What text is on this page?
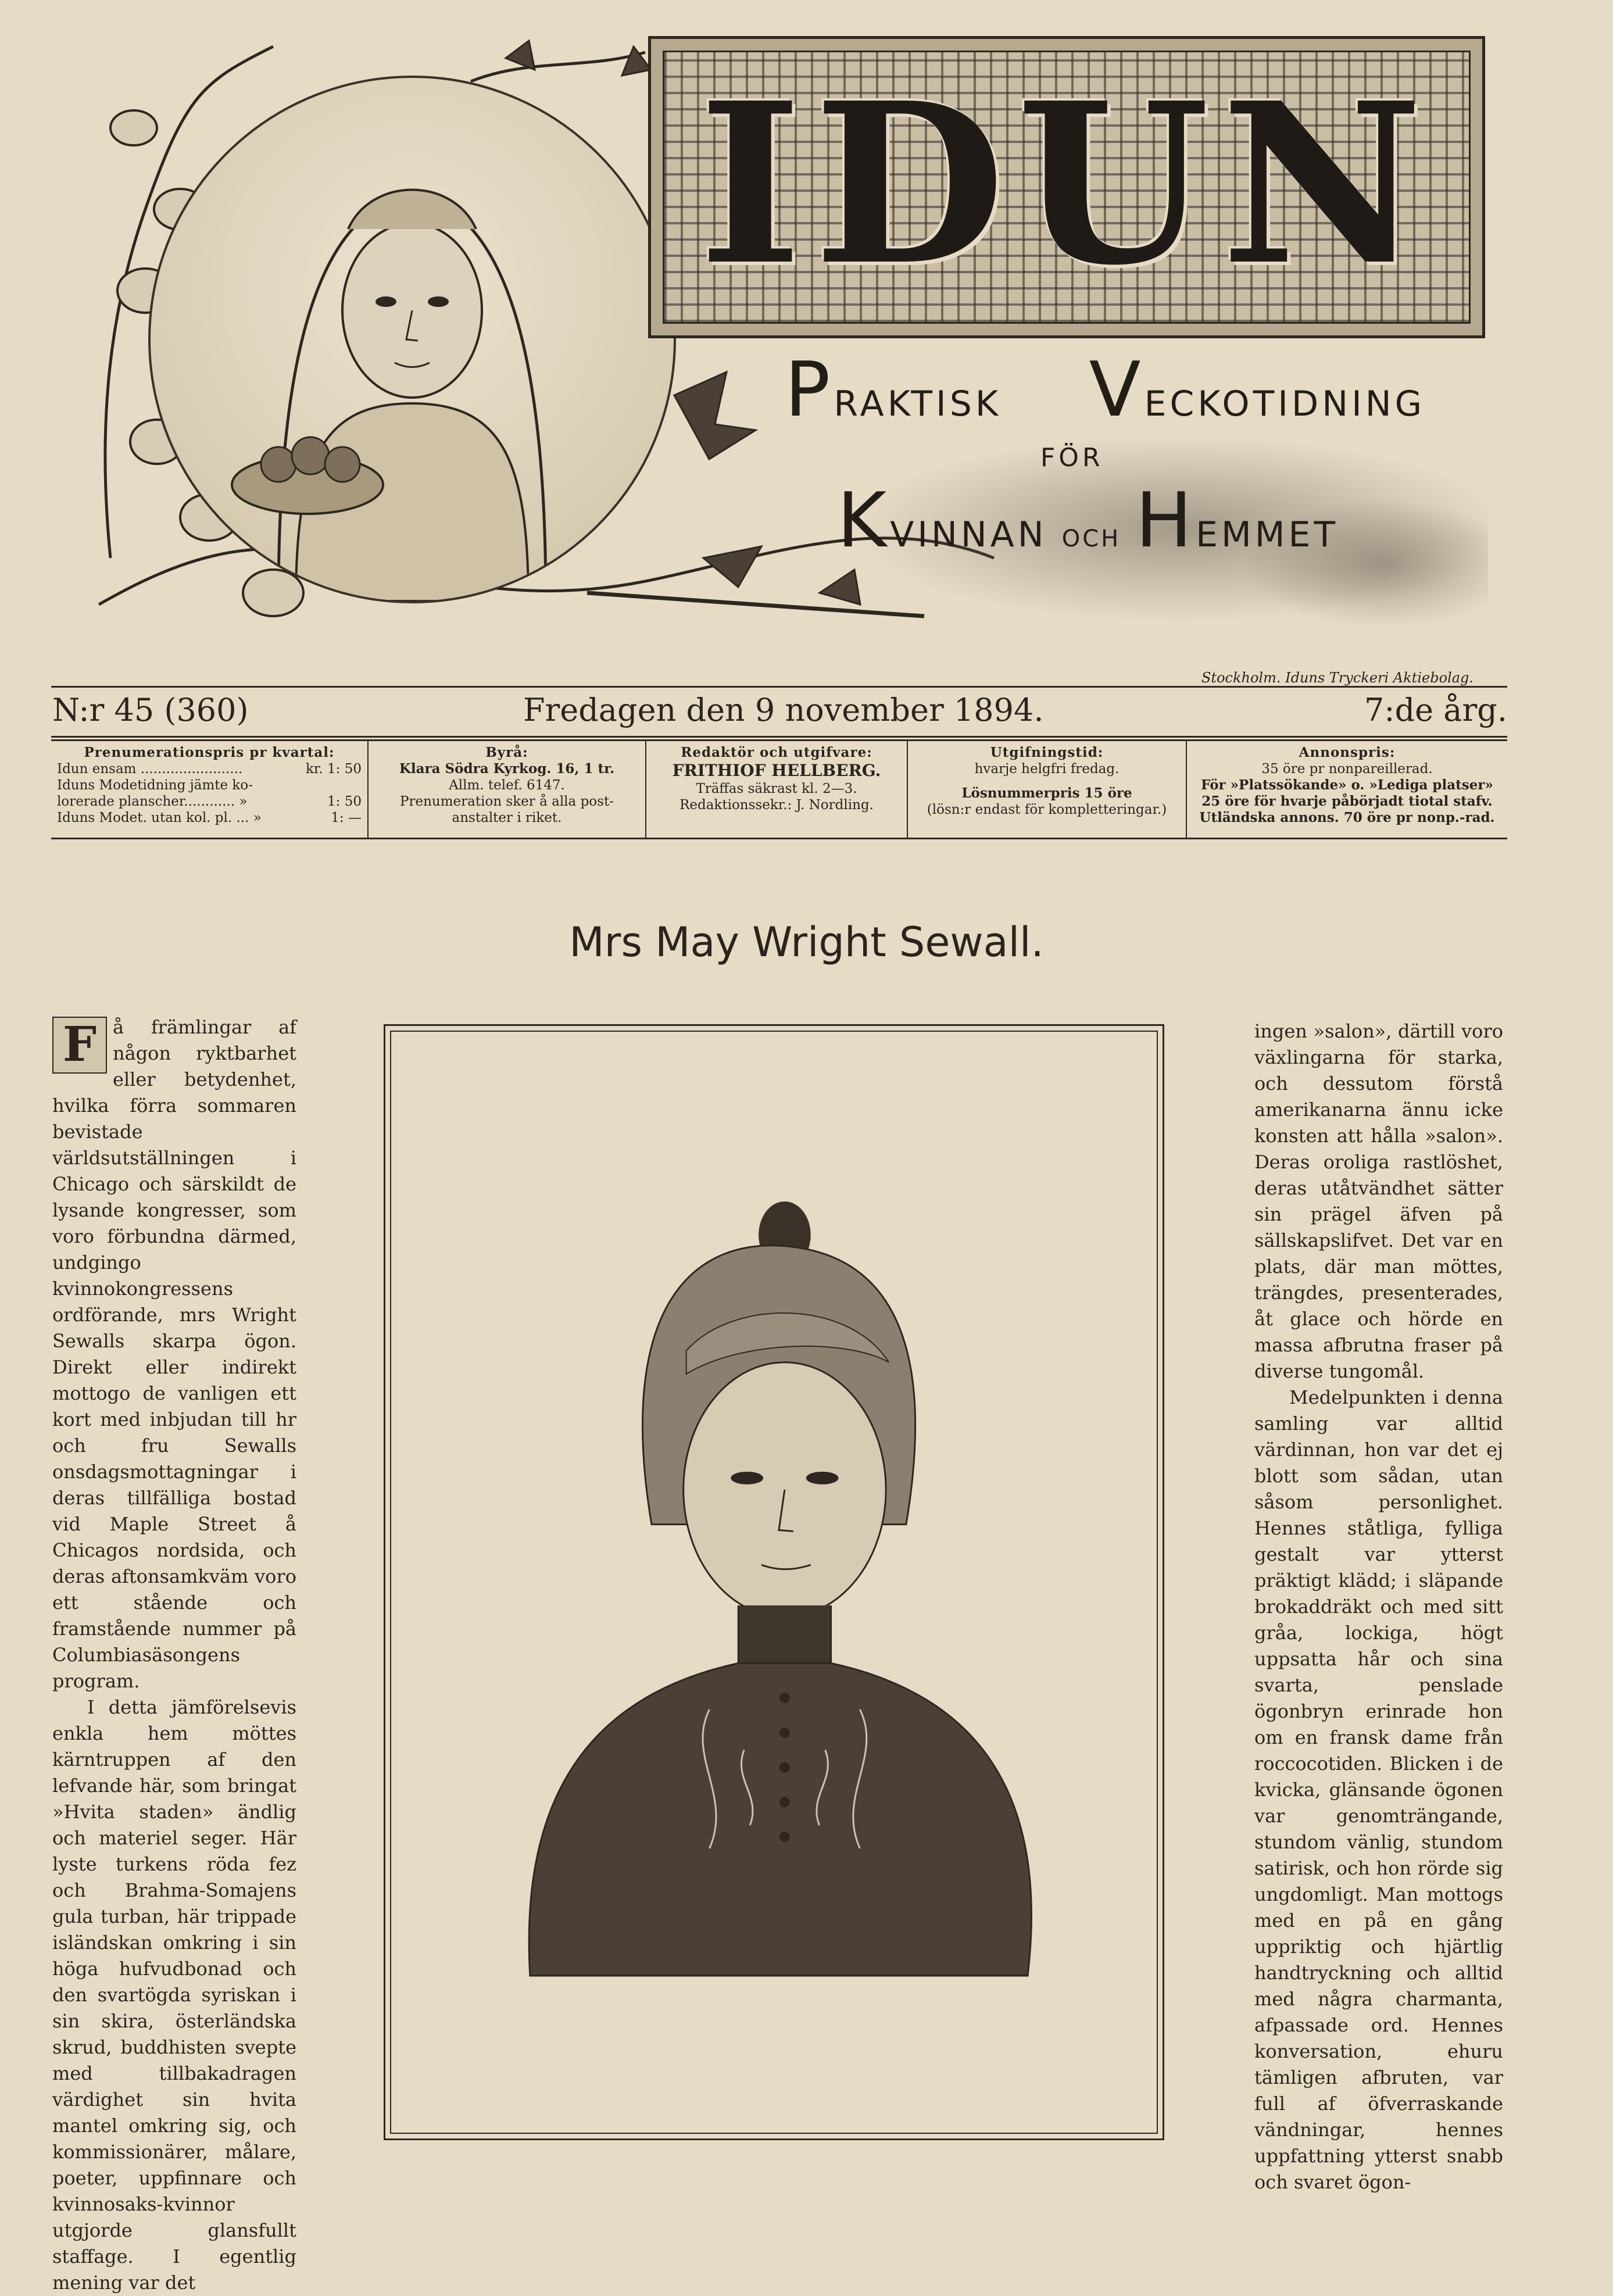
IDUN
PRAKTISK VECKOTIDNING
FÖR
KVINNAN OCH HEMMET
Stockholm. Iduns Tryckeri Aktiebolag.
N:r 45 (360)	Fredagen den 9 november 1894.	7:de årg.
Prenumerationspris pr kvartal:
Idun ensam ........................	kr. 1: 50
Iduns Modetidning jämte ko-
lorerade planscher............ »	1: 50
Iduns Modet. utan kol. pl. ... »	1: —
Byrå:
Klara Södra Kyrkog. 16, 1 tr.
Allm. telef. 6147.
Prenumeration sker å alla post-anstalter i riket.
Redaktör och utgifvare:
FRITHIOF HELLBERG.
Träffas säkrast kl. 2—3.
Redaktionssekr.: J. Nordling.
Utgifningstid:
hvarje helgfri fredag.
Lösnummerpris 15 öre
(lösn:r endast för kompletteringar.)
Annonspris:
35 öre pr nonpareillerad.
För »Platssökande» o. »Lediga platser»
25 öre för hvarje påbörjadt tiotal stafv.
Utländska annons. 70 öre pr nonp.-rad.
Mrs May Wright Sewall.

F å främlingar af någon ryktbarhet eller betydenhet, hvilka förra sommaren bevistade världsutställningen i Chicago och särskildt de lysande kongresser, som voro förbundna därmed, undgingo kvinnokongressens ordförande, mrs Wright Sewalls skarpa ögon. Direkt eller indirekt mottogo de vanligen ett kort med inbjudan till hr och fru Sewalls onsdagsmottagningar i deras tillfälliga bostad vid Maple Street å Chicagos nordsida, och deras aftonsamkväm voro ett stående och framstående nummer på Columbiasäsongens program.

I detta jämförelsevis enkla hem möttes kärntruppen af den lefvande här, som bringat »Hvita staden» ändlig och materiel seger. Här lyste turkens röda fez och Brahma-Somajens gula turban, här trippade isländskan omkring i sin höga hufvudbonad och den svartögda syriskan i sin skira, österländska skrud, buddhisten svepte med tillbakadragen värdighet sin hvita mantel omkring sig, och kommissionärer, målare, poeter, uppfinnare och kvinnosaks-kvinnor utgjorde glansfullt staffage. I egentlig mening var det

ingen »salon», därtill voro växlingarna för starka, och dessutom förstå amerikanarna ännu icke konsten att hålla »salon». Deras oroliga rastlöshet, deras utåtvändhet sätter sin prägel äfven på sällskapslifvet. Det var en plats, där man möttes, trängdes, presenterades, åt glace och hörde en massa afbrutna fraser på diverse tungomål.

Medelpunkten i denna samling var alltid värdinnan, hon var det ej blott som sådan, utan såsom personlighet. Hennes ståtliga, fylliga gestalt var ytterst präktigt klädd; i släpande brokaddräkt och med sitt gråa, lockiga, högt uppsatta hår och sina svarta, penslade ögonbryn erinrade hon om en fransk dame från roccocotiden. Blicken i de kvicka, glänsande ögonen var genomträngande, stundom vänlig, stundom satirisk, och hon rörde sig ungdomligt. Man mottogs med en på en gång uppriktig och hjärtlig handtryckning och alltid med några charmanta, afpassade ord. Hennes konversation, ehuru tämligen afbruten, var full af öfverraskande vändningar, hennes uppfattning ytterst snabb och svaret ögon-
